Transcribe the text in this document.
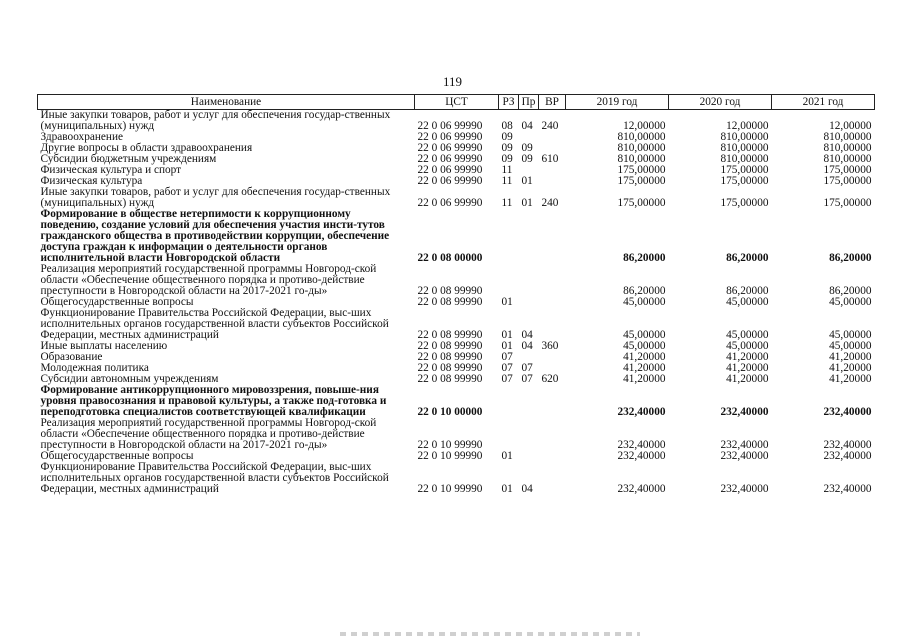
119
Наименование	ЦСТ	РЗ	Пр	ВР	2019 год	2020 год	2021 год
Иные закупки товаров, работ и услуг для обеспечения государ-ственных (муниципальных) нужд	22 0 06 99990	08	04	240	12,00000	12,00000	12,00000
Здравоохранение	22 0 06 99990	09			810,00000	810,00000	810,00000
Другие вопросы в области здравоохранения	22 0 06 99990	09	09		810,00000	810,00000	810,00000
Субсидии бюджетным учреждениям	22 0 06 99990	09	09	610	810,00000	810,00000	810,00000
Физическая культура и спорт	22 0 06 99990	11			175,00000	175,00000	175,00000
Физическая культура	22 0 06 99990	11	01		175,00000	175,00000	175,00000
Иные закупки товаров, работ и услуг для обеспечения государ-ственных (муниципальных) нужд	22 0 06 99990	11	01	240	175,00000	175,00000	175,00000
Формирование в обществе нетерпимости к коррупционному поведению, создание условий для обеспечения участия инсти-тутов гражданского общества в противодействии коррупции, обеспечение доступа граждан к информации о деятельности органов исполнительной власти Новгородской области	22 0 08 00000				86,20000	86,20000	86,20000
Реализация мероприятий государственной программы Новгород-ской области «Обеспечение общественного порядка и противо-действие преступности в Новгородской области на 2017-2021 го-ды»	22 0 08 99990				86,20000	86,20000	86,20000
Общегосударственные вопросы	22 0 08 99990	01			45,00000	45,00000	45,00000
Функционирование Правительства Российской Федерации, выс-ших исполнительных органов государственной власти субъектов Российской Федерации, местных администраций	22 0 08 99990	01	04		45,00000	45,00000	45,00000
Иные выплаты населению	22 0 08 99990	01	04	360	45,00000	45,00000	45,00000
Образование	22 0 08 99990	07			41,20000	41,20000	41,20000
Молодежная политика	22 0 08 99990	07	07		41,20000	41,20000	41,20000
Субсидии автономным учреждениям	22 0 08 99990	07	07	620	41,20000	41,20000	41,20000
Формирование антикоррупционного мировоззрения, повыше-ния уровня правосознания и правовой культуры, а также под-готовка и переподготовка специалистов соответствующей квалификации	22 0 10 00000				232,40000	232,40000	232,40000
Реализация мероприятий государственной программы Новгород-ской области «Обеспечение общественного порядка и противо-действие преступности в Новгородской области на 2017-2021 го-ды»	22 0 10 99990				232,40000	232,40000	232,40000
Общегосударственные вопросы	22 0 10 99990	01			232,40000	232,40000	232,40000
Функционирование Правительства Российской Федерации, выс-ших исполнительных органов государственной власти субъектов Российской Федерации, местных администраций	22 0 10 99990	01	04		232,40000	232,40000	232,40000
